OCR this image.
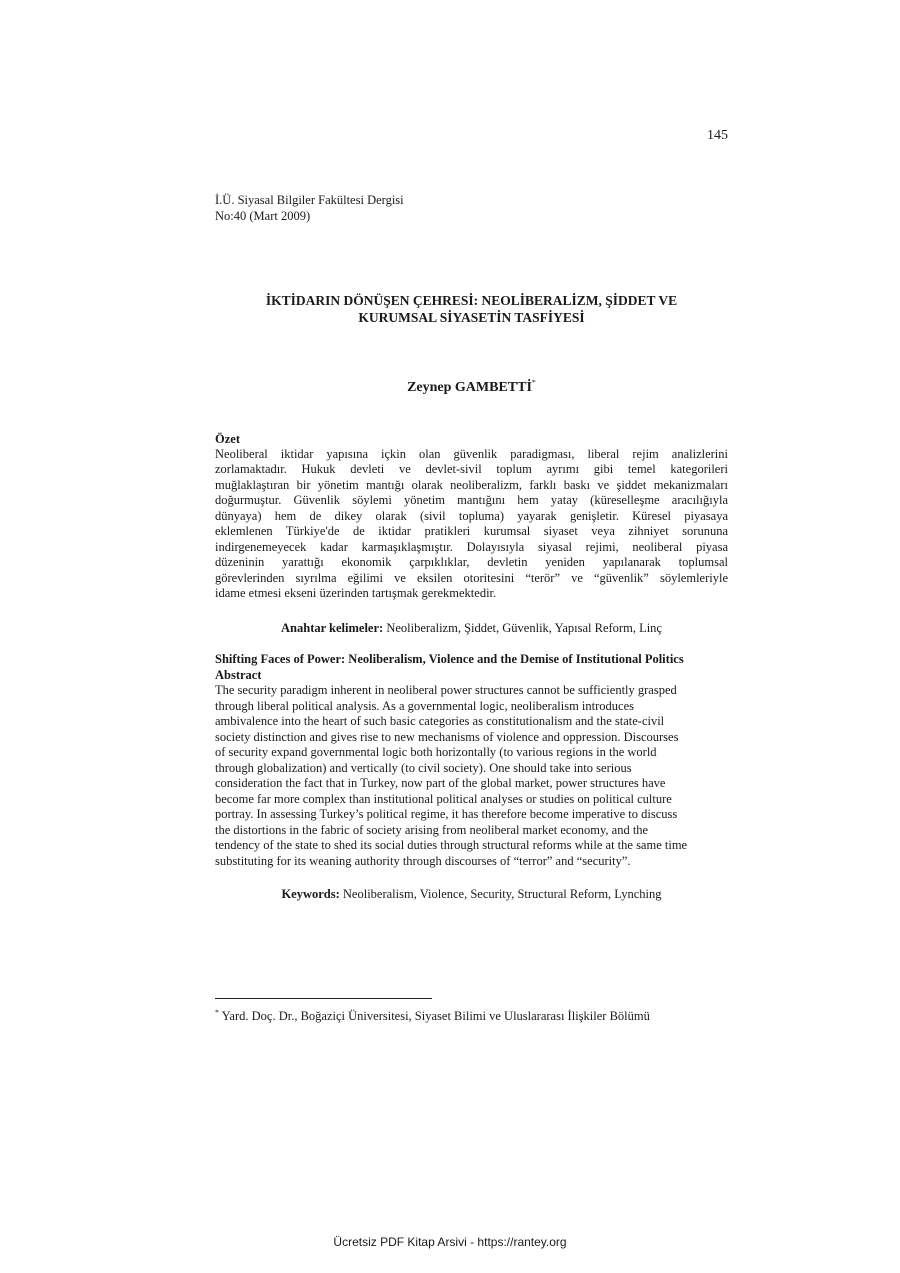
145
İ.Ü. Siyasal Bilgiler Fakültesi Dergisi
No:40 (Mart 2009)
İKTİDARIN DÖNÜŞEN ÇEHRESİ: NEOLİBERALİZM, ŞİDDET VE
KURUMSAL SİYASETİN TASFİYESİ
Zeynep GAMBETTİ*
Özet
Neoliberal iktidar yapısına içkin olan güvenlik paradigması, liberal rejim analizlerini
zorlamaktadır. Hukuk devleti ve devlet-sivil toplum ayrımı gibi temel kategorileri
muğlaklaştıran bir yönetim mantığı olarak neoliberalizm, farklı baskı ve şiddet mekanizmaları
doğurmuştur. Güvenlik söylemi yönetim mantığını hem yatay (küreselleşme aracılığıyla
dünyaya) hem de dikey olarak (sivil topluma) yayarak genişletir. Küresel piyasaya
eklemlenen Türkiye'de de iktidar pratikleri kurumsal siyaset veya zihniyet sorununa
indirgenemeyecek kadar karmaşıklaşmıştır. Dolayısıyla siyasal rejimi, neoliberal piyasa
düzeninin yarattığı ekonomik çarpıklıklar, devletin yeniden yapılanarak toplumsal
görevlerinden sıyrılma eğilimi ve eksilen otoritesini “terör” ve “güvenlik” söylemleriyle
idame etmesi ekseni üzerinden tartışmak gerekmektedir.
Anahtar kelimeler: Neoliberalizm, Şiddet, Güvenlik, Yapısal Reform, Linç
Shifting Faces of Power: Neoliberalism, Violence and the Demise of Institutional Politics
Abstract
The security paradigm inherent in neoliberal power structures cannot be sufficiently grasped
through liberal political analysis. As a governmental logic, neoliberalism introduces
ambivalence into the heart of such basic categories as constitutionalism and the state-civil
society distinction and gives rise to new mechanisms of violence and oppression. Discourses
of security expand governmental logic both horizontally (to various regions in the world
through globalization) and vertically (to civil society). One should take into serious
consideration the fact that in Turkey, now part of the global market, power structures have
become far more complex than institutional political analyses or studies on political culture
portray. In assessing Turkey’s political regime, it has therefore become imperative to discuss
the distortions in the fabric of society arising from neoliberal market economy, and the
tendency of the state to shed its social duties through structural reforms while at the same time
substituting for its weaning authority through discourses of “terror” and “security”.
Keywords: Neoliberalism, Violence, Security, Structural Reform, Lynching
* Yard. Doç. Dr., Boğaziçi Üniversitesi, Siyaset Bilimi ve Uluslararası İlişkiler Bölümü
Ücretsiz PDF Kitap Arsivi - https://rantey.org
